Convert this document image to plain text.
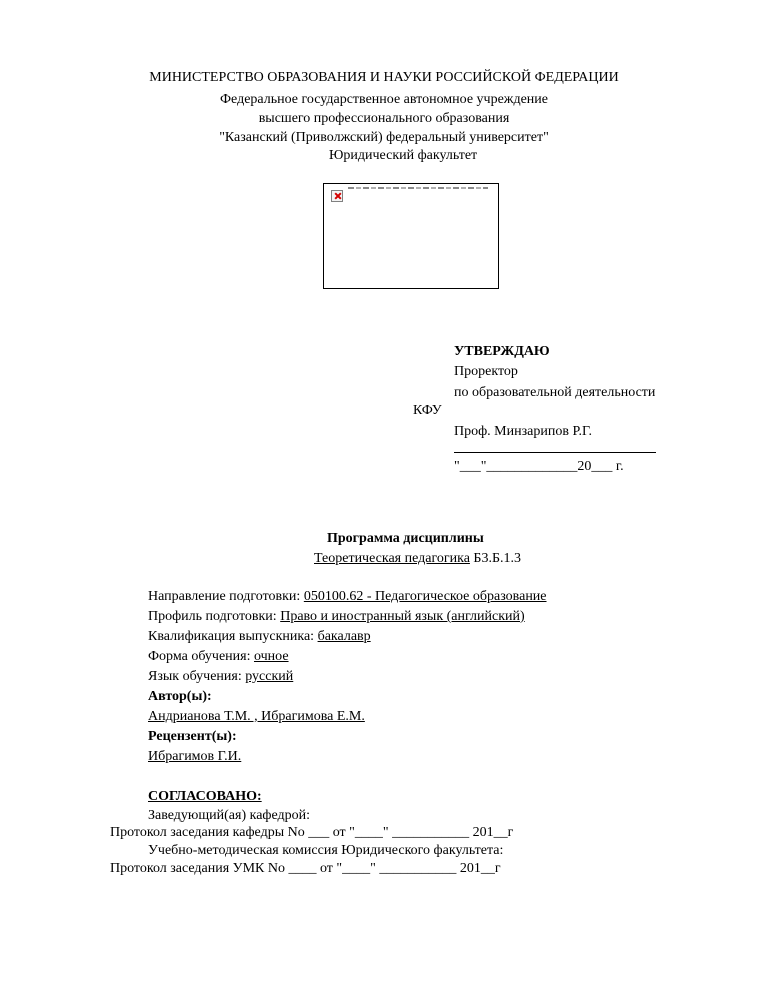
МИНИСТЕРСТВО ОБРАЗОВАНИЯ И НАУКИ РОССИЙСКОЙ ФЕДЕРАЦИИ
Федеральное государственное автономное учреждение
высшего профессионального образования
"Казанский (Приволжский) федеральный университет"
Юридический факультет
УТВЕРЖДАЮ
Проректор
по образовательной деятельности
КФУ
Проф. Минзарипов Р.Г.
"___"_____________20___ г.
Программа дисциплины
Теоретическая педагогика Б3.Б.1.3
Направление подготовки: 050100.62 - Педагогическое образование
Профиль подготовки: Право и иностранный язык (английский)
Квалификация выпускника: бакалавр
Форма обучения: очное
Язык обучения: русский
Автор(ы):
Андрианова Т.М. , Ибрагимова Е.М.
Рецензент(ы):
Ибрагимов Г.И.
СОГЛАСОВАНО:
Заведующий(ая) кафедрой:
Протокол заседания кафедры No ___ от "____" ___________ 201__г
Учебно-методическая комиссия Юридического факультета:
Протокол заседания УМК No ____ от "____" ___________ 201__г
